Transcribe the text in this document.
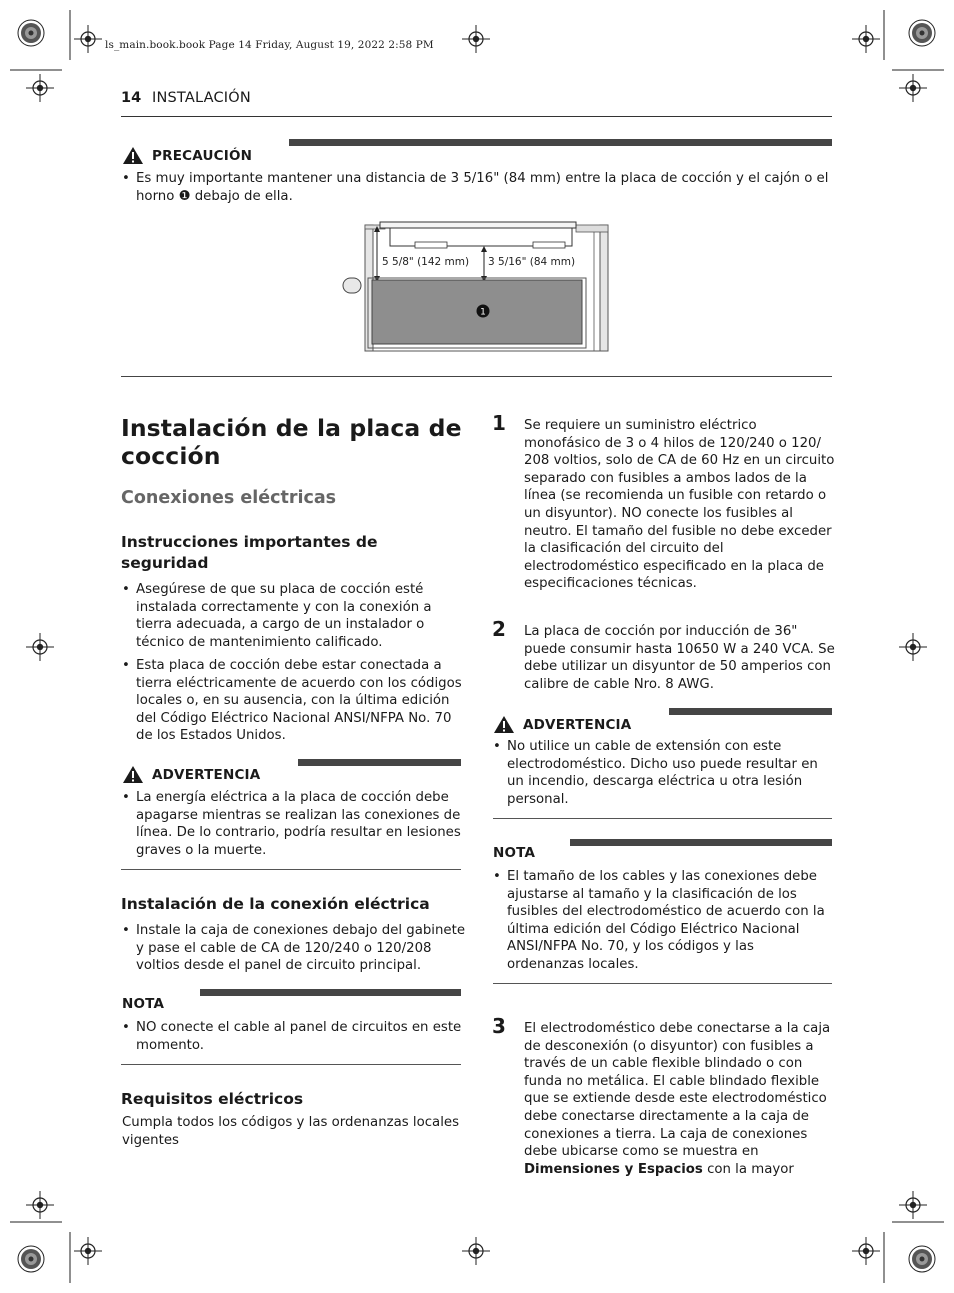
ls_main.book.book Page 14 Friday, August 19, 2022 2:58 PM
14 INSTALACIÓN
PRECAUCIÓN
• Es muy importante mantener una distancia de 3 5/16" (84 mm) entre la placa de cocción y el cajón o el
horno ❶ debajo de ella.
1
5 5/8" (142 mm) 3 5/16" (84 mm)
Instalación de la placa de
cocción
Conexiones eléctricas
Instrucciones importantes de
seguridad
• Asegúrese de que su placa de cocción esté
instalada correctamente y con la conexión a
tierra adecuada, a cargo de un instalador o
técnico de mantenimiento calificado.
• Esta placa de cocción debe estar conectada a
tierra eléctricamente de acuerdo con los códigos
locales o, en su ausencia, con la última edición
del Código Eléctrico Nacional ANSI/NFPA No. 70
de los Estados Unidos.
ADVERTENCIA
• La energía eléctrica a la placa de cocción debe
apagarse mientras se realizan las conexiones de
línea. De lo contrario, podría resultar en lesiones
graves o la muerte.
Instalación de la conexión eléctrica
• Instale la caja de conexiones debajo del gabinete
y pase el cable de CA de 120/240 o 120/208
voltios desde el panel de circuito principal.
NOTA
• NO conecte el cable al panel de circuitos en este
momento.
Requisitos eléctricos
Cumpla todos los códigos y las ordenanzas locales
vigentes
1 Se requiere un suministro eléctrico
monofásico de 3 o 4 hilos de 120/240 o 120/
208 voltios, solo de CA de 60 Hz en un circuito
separado con fusibles a ambos lados de la
línea (se recomienda un fusible con retardo o
un disyuntor). NO conecte los fusibles al
neutro. El tamaño del fusible no debe exceder
la clasificación del circuito del
electrodoméstico especificado en la placa de
especificaciones técnicas.
2 La placa de cocción por inducción de 36"
puede consumir hasta 10650 W a 240 VCA. Se
debe utilizar un disyuntor de 50 amperios con
calibre de cable Nro. 8 AWG.
ADVERTENCIA
• No utilice un cable de extensión con este
electrodoméstico. Dicho uso puede resultar en
un incendio, descarga eléctrica u otra lesión
personal.
NOTA
• El tamaño de los cables y las conexiones debe
ajustarse al tamaño y la clasificación de los
fusibles del electrodoméstico de acuerdo con la
última edición del Código Eléctrico Nacional
ANSI/NFPA No. 70, y los códigos y las
ordenanzas locales.
3 El electrodoméstico debe conectarse a la caja
de desconexión (o disyuntor) con fusibles a
través de un cable flexible blindado o con
funda no metálica. El cable blindado flexible
que se extiende desde este electrodoméstico
debe conectarse directamente a la caja de
conexiones a tierra. La caja de conexiones
debe ubicarse como se muestra en
Dimensiones y Espacios con la mayor
